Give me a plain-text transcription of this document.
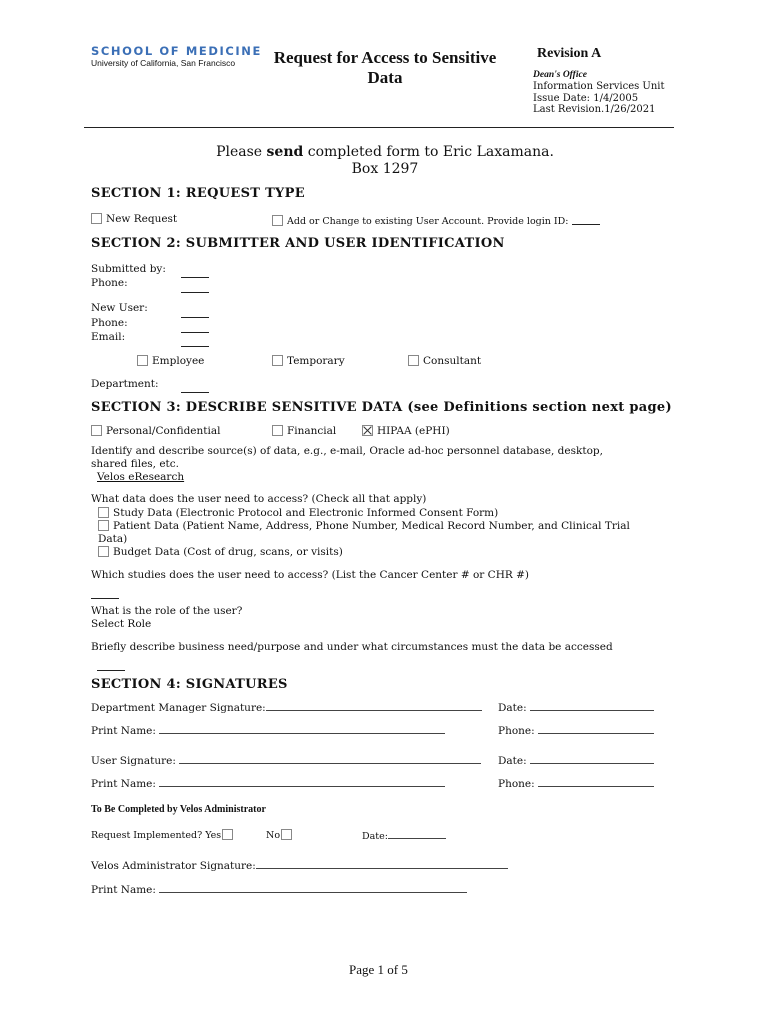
SCHOOL OF MEDICINE
University of California, San Francisco	Request for Access to Sensitive Data
Revision A
Dean's Office
Information Services Unit
Issue Date: 1/4/2005
Last Revision.1/26/2021
Please send completed form to Eric Laxamana.
Box 1297
SECTION 1: REQUEST TYPE
New Request	Add or Change to existing User Account. Provide login ID:
SECTION 2: SUBMITTER AND USER IDENTIFICATION
Submitted by:
Phone:
New User:
Phone:
Email:
Employee	Temporary	Consultant
Department:
SECTION 3: DESCRIBE SENSITIVE DATA (see Definitions section next page)
Personal/Confidential	Financial	HIPAA (ePHI)
Identify and describe source(s) of data, e.g., e-mail, Oracle ad-hoc personnel database, desktop,
shared files, etc.
Velos eResearch
What data does the user need to access? (Check all that apply)
Study Data (Electronic Protocol and Electronic Informed Consent Form)
Patient Data (Patient Name, Address, Phone Number, Medical Record Number, and Clinical Trial
Data)
Budget Data (Cost of drug, scans, or visits)
Which studies does the user need to access? (List the Cancer Center # or CHR #)
What is the role of the user?
Select Role
Briefly describe business need/purpose and under what circumstances must the data be accessed
SECTION 4: SIGNATURES
Department Manager Signature:	Date:
Print Name:	Phone:
User Signature:	Date:
Print Name:	Phone:
To Be Completed by Velos Administrator
Request Implemented? Yes	No	Date:
Velos Administrator Signature:
Print Name:
Page 1 of 5
